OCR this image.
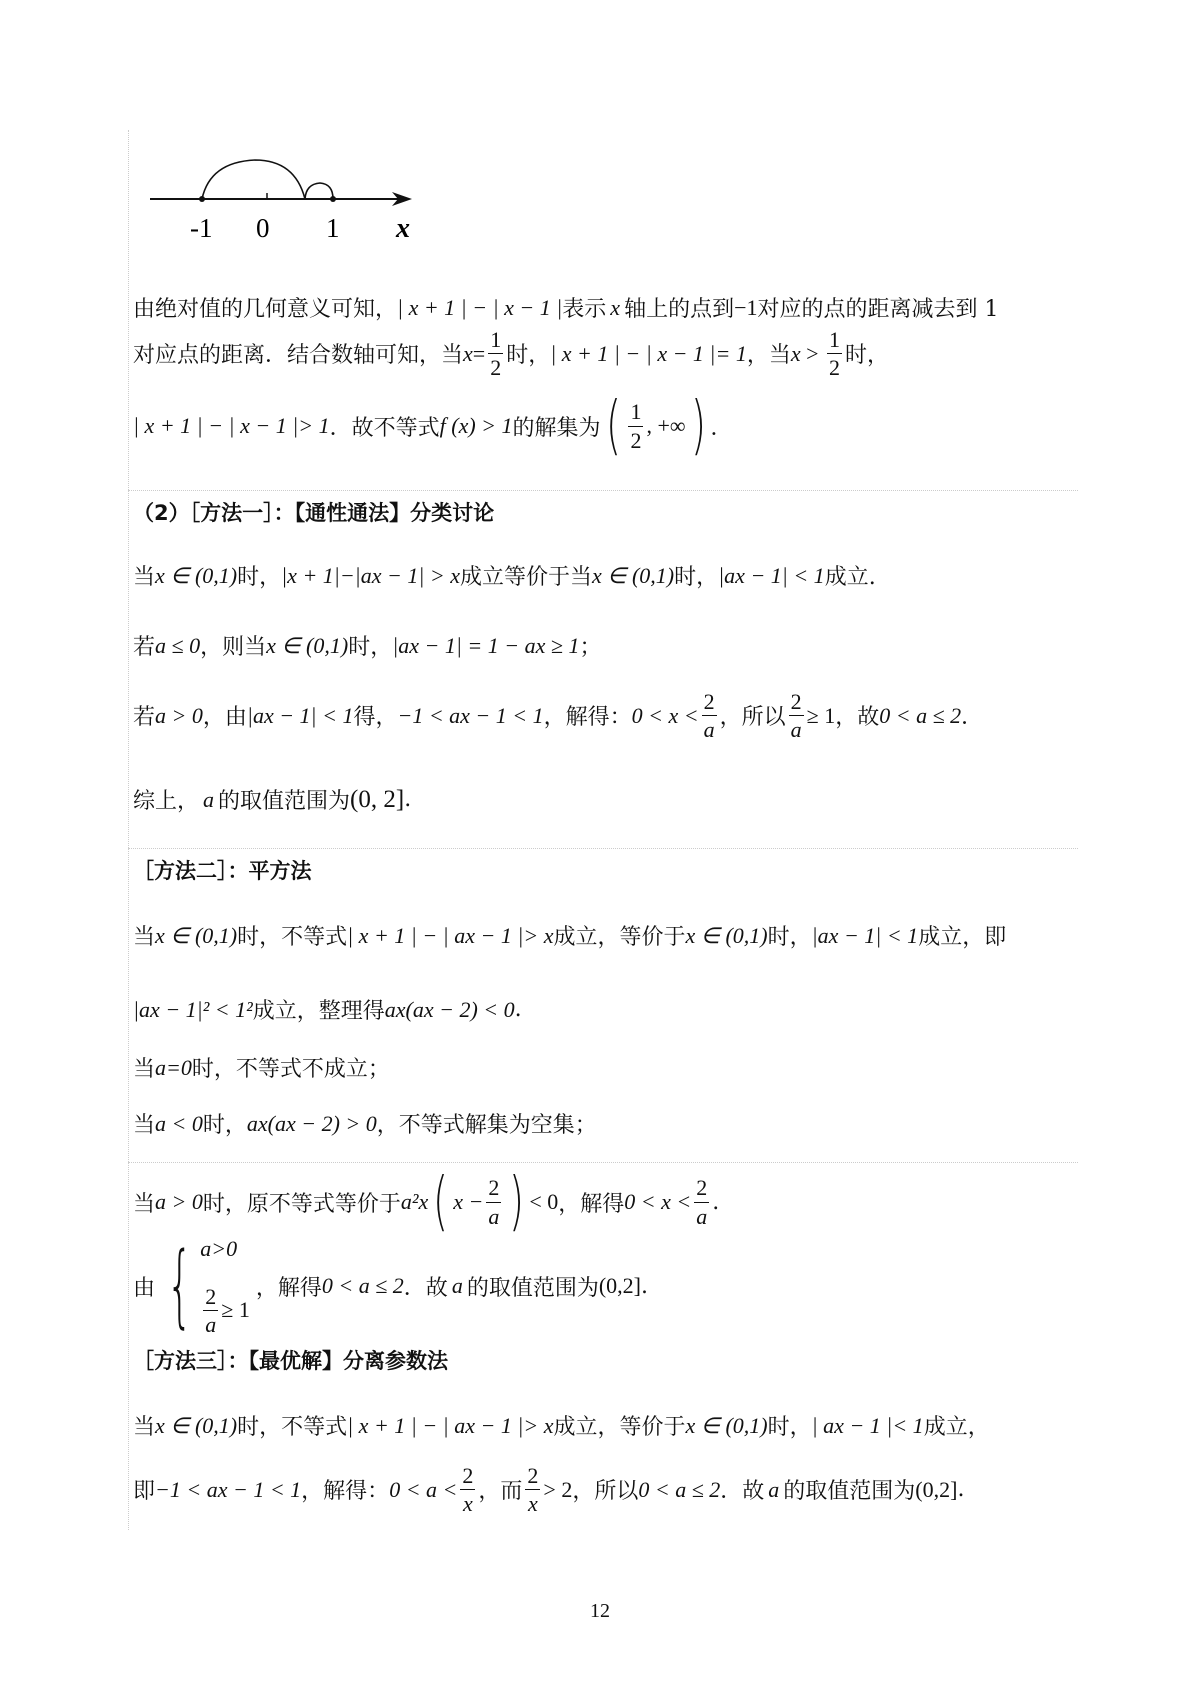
-1 0 1 x
由绝对值的几何意义可知， | x + 1 | − | x − 1 | 表示 x 轴上的点到 −1 对应的点的距离减去到 1
对应点的距离．结合数轴可知，当 $x = \frac{1}{2}$ 时， | x + 1 | − | x − 1 |= 1 ，当 $x > \frac{1}{2}$ 时，
| x + 1 | − | x − 1 |> 1 ．故不等式 f (x) > 1 的解集为 ( $\frac{1}{2}$ , +∞ ) ．
（2）［方法一］：【通性通法】分类讨论
当 x ∈ (0,1) 时， |x + 1|−|ax − 1| > x 成立等价于当 x ∈ (0,1) 时， |ax − 1| < 1 成立.
若 a ≤ 0 ，则当 x ∈ (0,1) 时， |ax − 1| = 1 − ax ≥ 1 ；
若 a > 0 ，由 |ax − 1| < 1 得， −1 < ax − 1 < 1 ，解得： $0 < x < \frac{2}{a}$ ，所以 $\frac{2}{a} \ge 1$ ，故 0 < a ≤ 2 ．
综上， a 的取值范围为 (0, 2] .
［方法二］：平方法
当 x ∈ (0,1) 时，不等式 | x + 1 | − | ax − 1 |> x 成立，等价于 x ∈ (0,1) 时， |ax − 1| < 1 成立，即
|ax − 1|² < 1² 成立，整理得 ax(ax − 2) < 0 .
当 a=0 时，不等式不成立；
当 a < 0 时， ax(ax − 2) > 0 ，不等式解集为空集；
当 a > 0 时，原不等式等价于 a²x ( $x - \frac{2}{a}$ ) < 0 ，解得 $0 < x < \frac{2}{a}$ .
由 { a>0
$\frac{2}{a} \ge 1$
，解得 0 < a ≤ 2 ．故 a 的取值范围为 (0,2] .
［方法三］：【最优解】分离参数法
当 x ∈ (0,1) 时，不等式 | x + 1 | − | ax − 1 |> x 成立，等价于 x ∈ (0,1) 时， | ax − 1 |< 1 成立，
即 −1 < ax − 1 < 1 ，解得： $0 < a < \frac{2}{x}$ ，而 $\frac{2}{x} > 2$ ，所以 0 < a ≤ 2 ．故 a 的取值范围为 (0,2] .
12
